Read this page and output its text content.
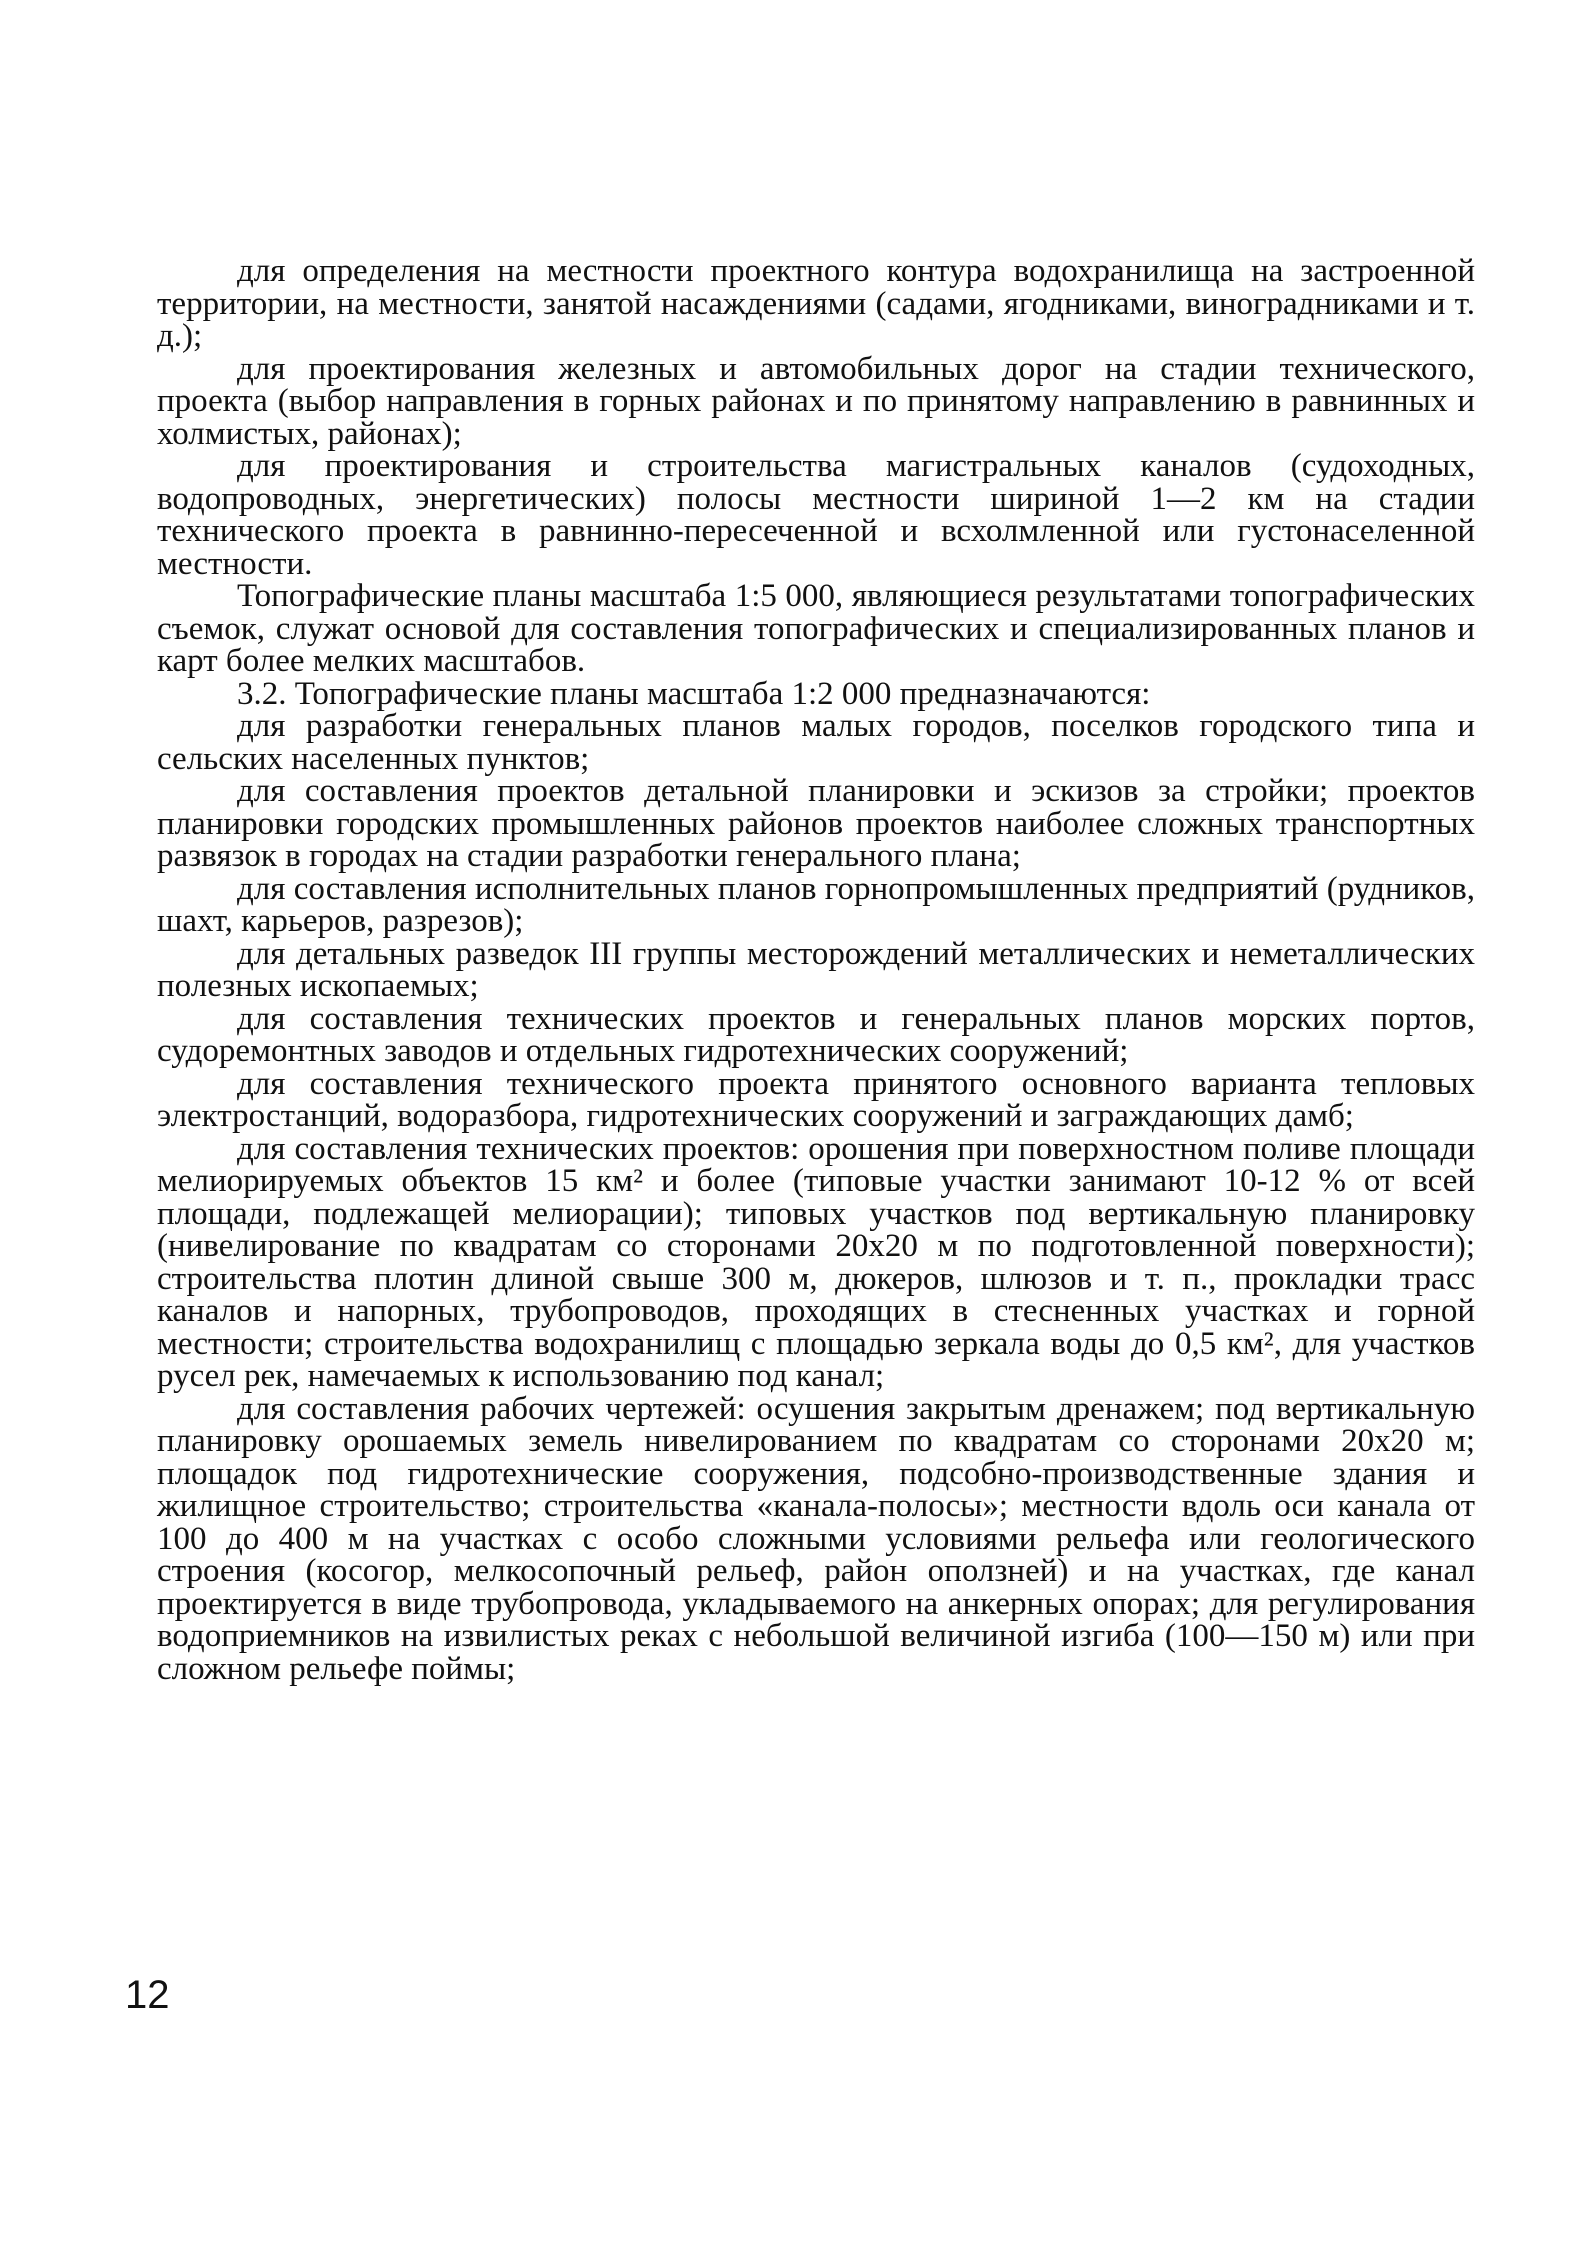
для определения на местности проектного контура водохранилища на застроенной территории, на местности, занятой насаждениями (садами, ягодниками, виноградниками и т. д.);

для проектирования железных и автомобильных дорог на стадии технического, проекта (выбор направления в горных районах и по принятому направлению в равнинных и холмистых, районах);

для проектирования и строительства магистральных каналов (судоходных, водопроводных, энергетических) полосы местности шириной 1—2 км на стадии технического проекта в равнинно-пересеченной и всхолмленной или густонаселенной местности.

Топографические планы масштаба 1:5 000, являющиеся результатами топографических съемок, служат основой для составления топографических и специализированных планов и карт более мелких масштабов.

3.2. Топографические планы масштаба 1:2 000 предназначаются:

для разработки генеральных планов малых городов, поселков городского типа и сельских населенных пунктов;

для составления проектов детальной планировки и эскизов за стройки; проектов планировки городских промышленных районов проектов наиболее сложных транспортных развязок в городах на стадии разработки генерального плана;

для составления исполнительных планов горнопромышленных предприятий (рудников, шахт, карьеров, разрезов);

для детальных разведок III группы месторождений металлических и неметаллических полезных ископаемых;

для составления технических проектов и генеральных планов морских портов, судоремонтных заводов и отдельных гидротехнических сооружений;

для составления технического проекта принятого основного варианта тепловых электростанций, водоразбора, гидротехнических сооружений и заграждающих дамб;

для составления технических проектов: орошения при поверхностном поливе площади мелиорируемых объектов 15 км² и более (типовые участки занимают 10-12 % от всей площади, подлежащей мелиорации); типовых участков под вертикальную планировку (нивелирование по квадратам со сторонами 20х20 м по подготовленной поверхности); строительства плотин длиной свыше 300 м, дюкеров, шлюзов и т. п., прокладки трасс каналов и напорных, трубопроводов, проходящих в стесненных участках и горной местности; строительства водохранилищ с площадью зеркала воды до 0,5 км², для участков русел рек, намечаемых к использованию под канал;

для составления рабочих чертежей: осушения закрытым дренажем; под вертикальную планировку орошаемых земель нивелированием по квадратам со сторонами 20х20 м; площадок под гидротехнические сооружения, подсобно-производственные здания и жилищное строительство; строительства «канала-полосы»; местности вдоль оси канала от 100 до 400 м на участках с особо сложными условиями рельефа или геологического строения (косогор, мелкосопочный рельеф, район оползней) и на участках, где канал проектируется в виде трубопровода, укладываемого на анкерных опорах; для регулирования водоприемников на извилистых реках с небольшой величиной изгиба (100—150 м) или при сложном рельефе поймы;

12
